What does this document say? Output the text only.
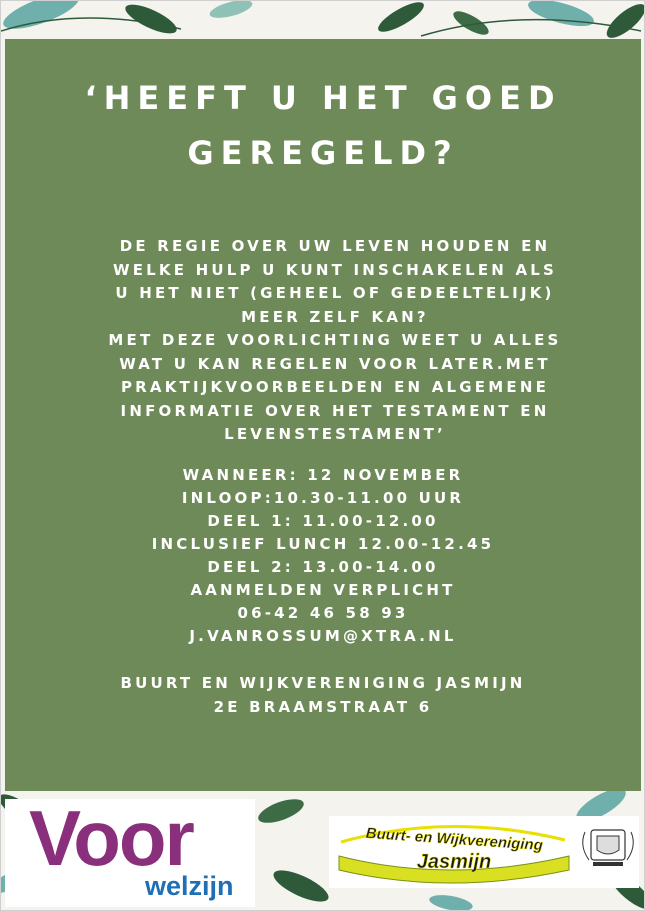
‘HEEFT U HET GOED
GEREGELD?
DE REGIE OVER UW LEVEN HOUDEN EN
WELKE HULP U KUNT INSCHAKELEN ALS
U HET NIET (GEHEEL OF GEDEELTELIJK)
MEER ZELF KAN?
MET DEZE VOORLICHTING WEET U ALLES
WAT U KAN REGELEN VOOR LATER.MET
PRAKTIJKVOORBEELDEN EN ALGEMENE
INFORMATIE OVER HET TESTAMENT EN
LEVENSTESTAMENT’
WANNEER: 12 NOVEMBER
INLOOP:10.30-11.00 UUR
DEEL 1: 11.00-12.00
INCLUSIEF LUNCH 12.00-12.45
DEEL 2: 13.00-14.00
AANMELDEN VERPLICHT
06-42 46 58 93
J.VANROSSUM@XTRA.NL
BUURT EN WIJKVERENIGING JASMIJN
2E BRAAMSTRAAT 6
Voor
welzijn
Buurt- en Wijkvereniging
Jasmijn
